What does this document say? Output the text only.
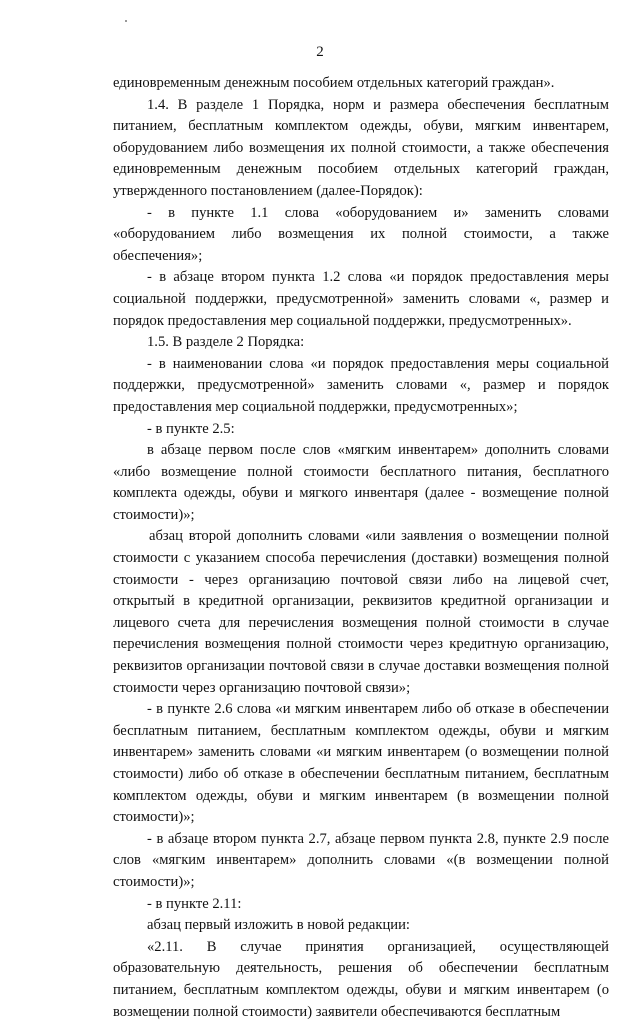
2

единовременным денежным пособием отдельных категорий граждан».

1.4. В разделе 1 Порядка, норм и размера обеспечения бесплатным питанием, бесплатным комплектом одежды, обуви, мягким инвентарем, оборудованием либо возмещения их полной стоимости, а также обеспечения единовременным денежным пособием отдельных категорий граждан, утвержденного постановлением (далее-Порядок):

- в пункте 1.1 слова «оборудованием и» заменить словами «оборудованием либо возмещения их полной стоимости, а также обеспечения»;

- в абзаце втором пункта 1.2 слова «и порядок предоставления меры социальной поддержки, предусмотренной» заменить словами «, размер и порядок предоставления мер социальной поддержки, предусмотренных».

1.5. В разделе 2 Порядка:

- в наименовании слова «и порядок предоставления меры социальной поддержки, предусмотренной» заменить словами «, размер и порядок предоставления мер социальной поддержки, предусмотренных»;

- в пункте 2.5:

в абзаце первом после слов «мягким инвентарем» дополнить словами «либо возмещение полной стоимости бесплатного питания, бесплатного комплекта одежды, обуви и мягкого инвентаря (далее - возмещение полной стоимости)»;

абзац второй дополнить словами «или заявления о возмещении полной стоимости с указанием способа перечисления (доставки) возмещения полной стоимости - через организацию почтовой связи либо на лицевой счет, открытый в кредитной организации, реквизитов кредитной организации и лицевого счета для перечисления возмещения полной стоимости в случае перечисления возмещения полной стоимости через кредитную организацию, реквизитов организации почтовой связи в случае доставки возмещения полной стоимости через организацию почтовой связи»;

- в пункте 2.6 слова «и мягким инвентарем либо об отказе в обеспечении бесплатным питанием, бесплатным комплектом одежды, обуви и мягким инвентарем» заменить словами «и мягким инвентарем (о возмещении полной стоимости) либо об отказе в обеспечении бесплатным питанием, бесплатным комплектом одежды, обуви и мягким инвентарем (в возмещении полной стоимости)»;

- в абзаце втором пункта 2.7, абзаце первом пункта 2.8, пункте 2.9 после слов «мягким инвентарем» дополнить словами «(в возмещении полной стоимости)»;

- в пункте 2.11:

абзац первый изложить в новой редакции:

«2.11. В случае принятия организацией, осуществляющей образовательную деятельность, решения об обеспечении бесплатным питанием, бесплатным комплектом одежды, обуви и мягким инвентарем (о возмещении полной стоимости) заявители обеспечиваются бесплатным
